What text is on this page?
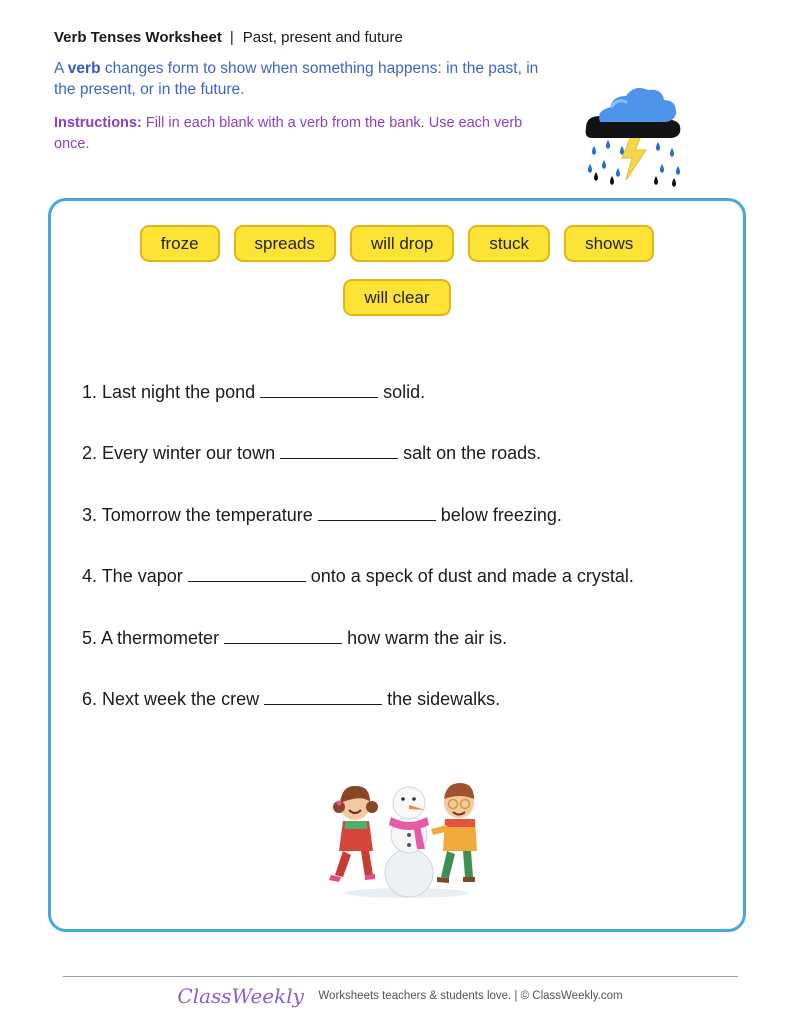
Verb Tenses Worksheet | Past, present and future
A verb changes form to show when something happens: in the past, in the present, or in the future.
Instructions: Fill in each blank with a verb from the bank. Use each verb once.
froze	spreads	will drop	stuck	shows
will clear
1. Last night the pond	solid.
2. Every winter our town	salt on the roads.
3. Tomorrow the temperature	below freezing.
4. The vapor	onto a speck of dust and made a crystal.
5. A thermometer	how warm the air is.
6. Next week the crew	the sidewalks.
ClassWeekly Worksheets teachers & students love. | © ClassWeekly.com
